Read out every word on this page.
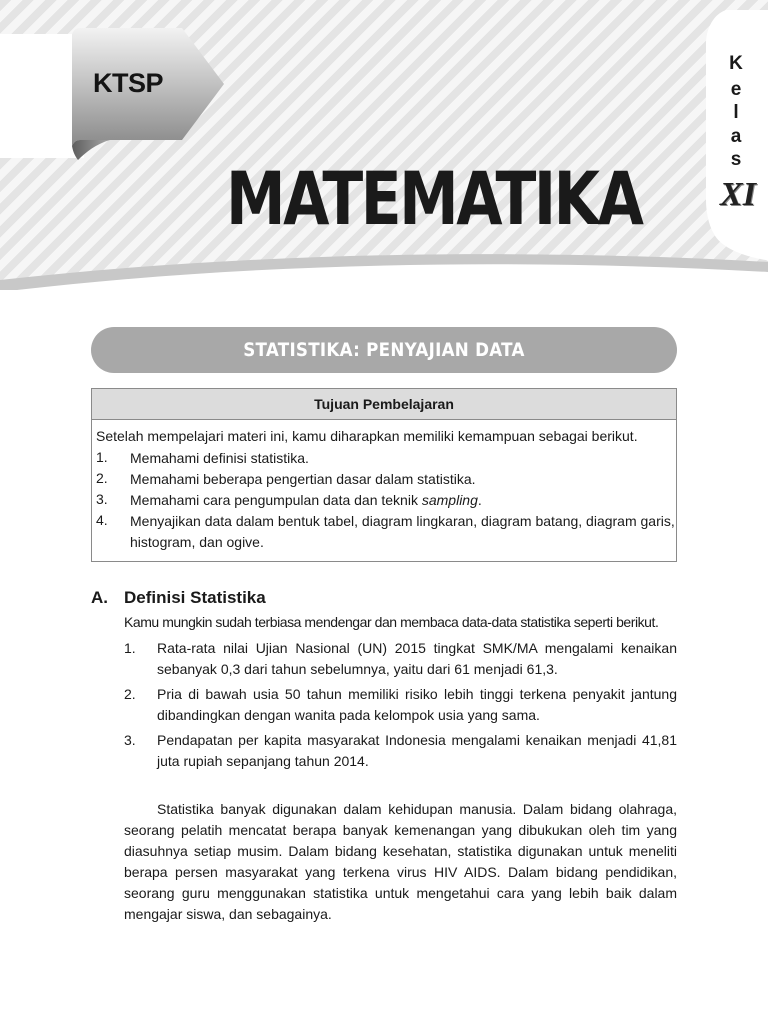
KTSP
MATEMATIKA
K
e
l
a
s
XI
STATISTIKA: PENYAJIAN DATA
Tujuan Pembelajaran
Setelah mempelajari materi ini, kamu diharapkan memiliki kemampuan sebagai berikut.
1. Memahami definisi statistika.
2. Memahami beberapa pengertian dasar dalam statistika.
3. Memahami cara pengumpulan data dan teknik sampling.
4. Menyajikan data dalam bentuk tabel, diagram lingkaran, diagram batang, diagram garis, histogram, dan ogive.
A. Definisi Statistika
Kamu mungkin sudah terbiasa mendengar dan membaca data-data statistika seperti berikut.
1. Rata-rata nilai Ujian Nasional (UN) 2015 tingkat SMK/MA mengalami kenaikan sebanyak 0,3 dari tahun sebelumnya, yaitu dari 61 menjadi 61,3.
2. Pria di bawah usia 50 tahun memiliki risiko lebih tinggi terkena penyakit jantung dibandingkan dengan wanita pada kelompok usia yang sama.
3. Pendapatan per kapita masyarakat Indonesia mengalami kenaikan menjadi 41,81 juta rupiah sepanjang tahun 2014.
Statistika banyak digunakan dalam kehidupan manusia. Dalam bidang olahraga, seorang pelatih mencatat berapa banyak kemenangan yang dibukukan oleh tim yang diasuhnya setiap musim. Dalam bidang kesehatan, statistika digunakan untuk meneliti berapa persen masyarakat yang terkena virus HIV AIDS. Dalam bidang pendidikan, seorang guru menggunakan statistika untuk mengetahui cara yang lebih baik dalam mengajar siswa, dan sebagainya.
